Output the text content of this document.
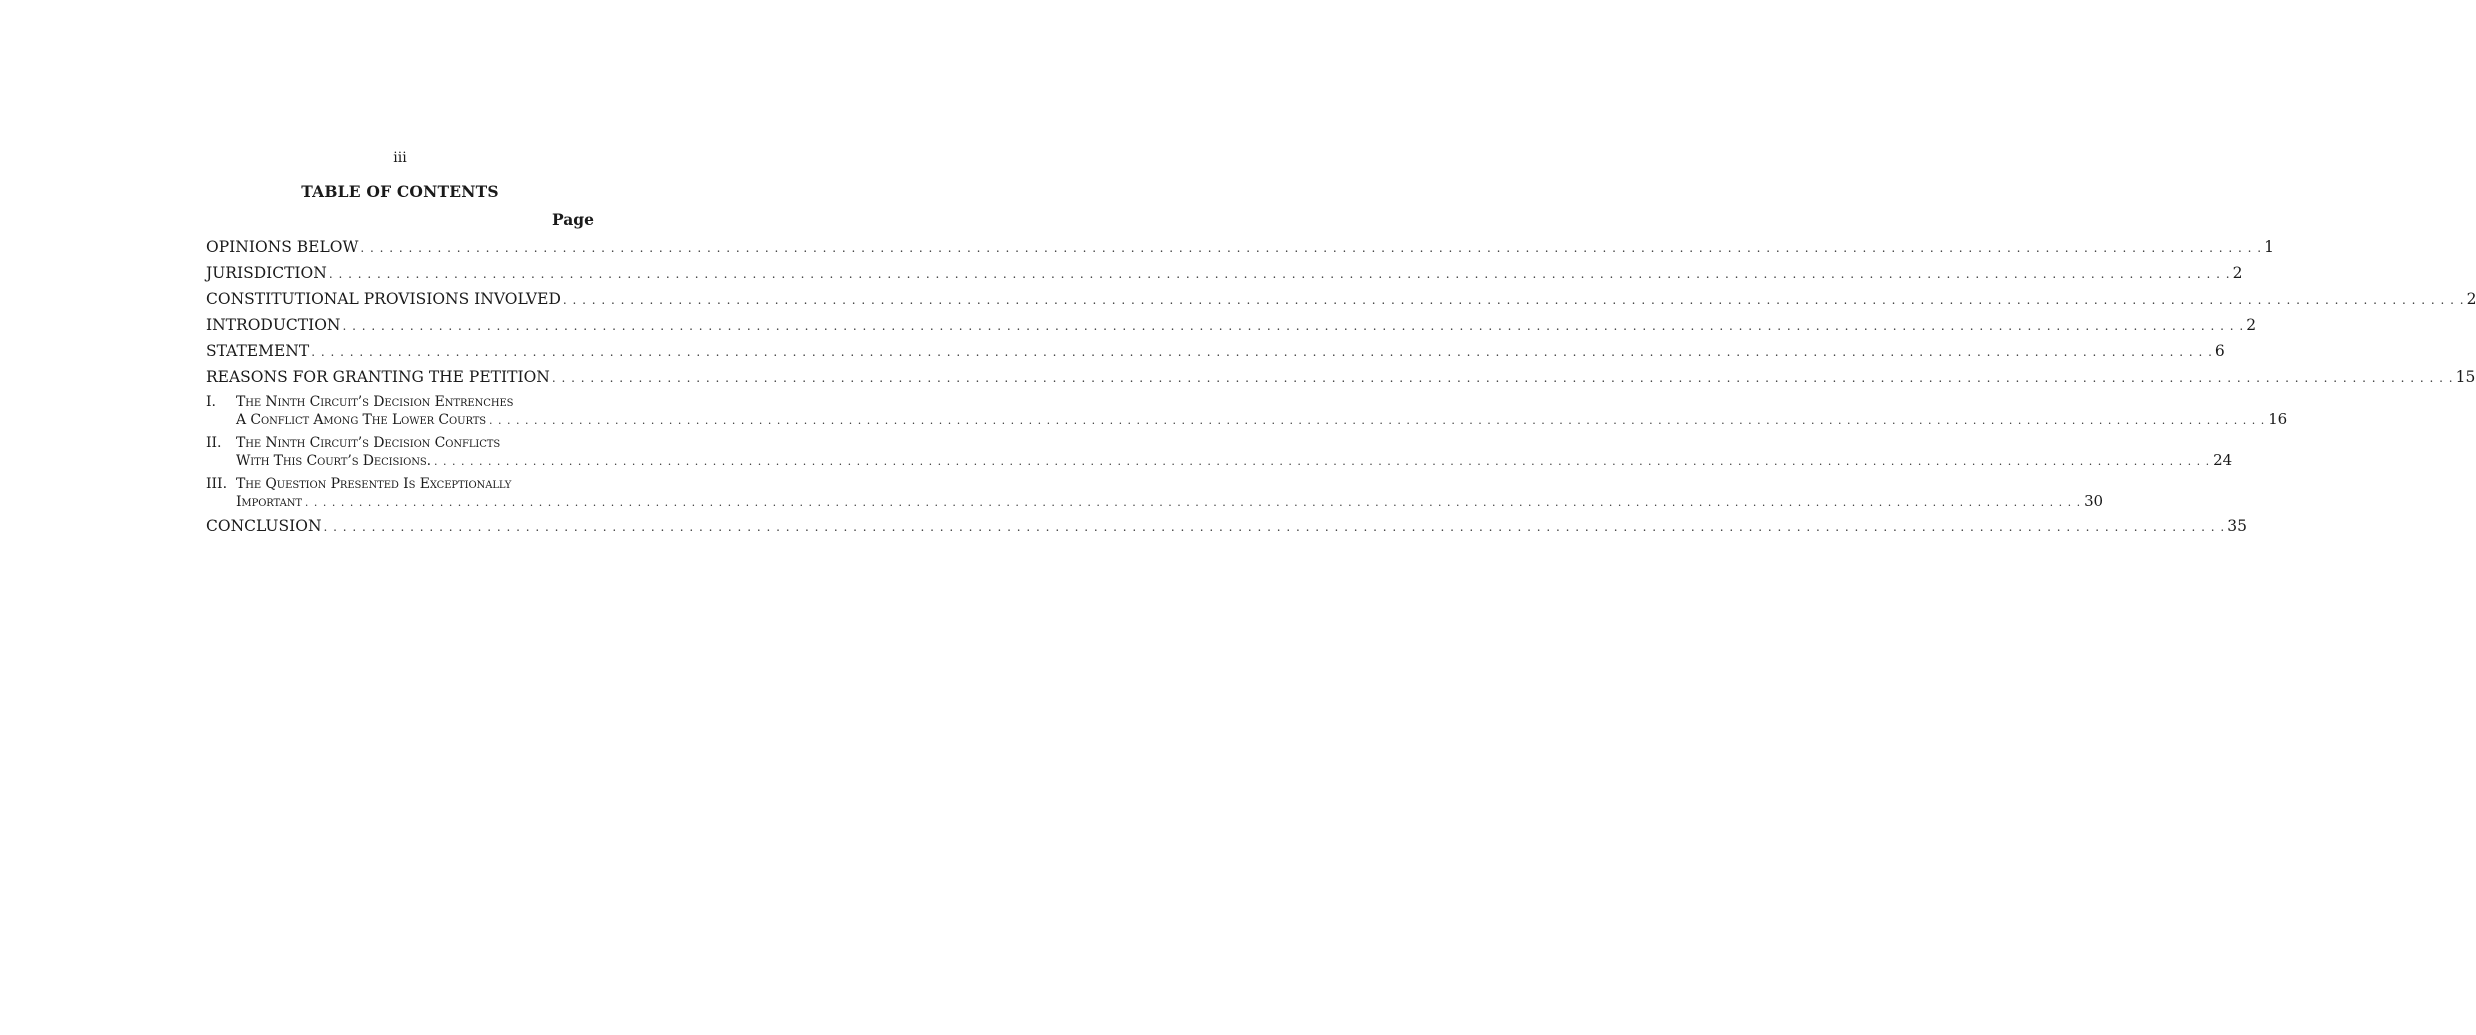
iii
TABLE OF CONTENTS
Page
OPINIONS BELOW . . .	1
JURISDICTION . . .	2
CONSTITUTIONAL PROVISIONS INVOLVED . . .	2
INTRODUCTION . . .	2
STATEMENT . . .	6
REASONS FOR GRANTING THE PETITION . . .	15
I.	The Ninth Circuit’s Decision Entrenches
A Conflict Among The Lower Courts . . .	16
II.	The Ninth Circuit’s Decision Conflicts
With This Court’s Decisions. . . .	24
III. The Question Presented Is Exceptionally
Important . . .	30
CONCLUSION . . .	35
